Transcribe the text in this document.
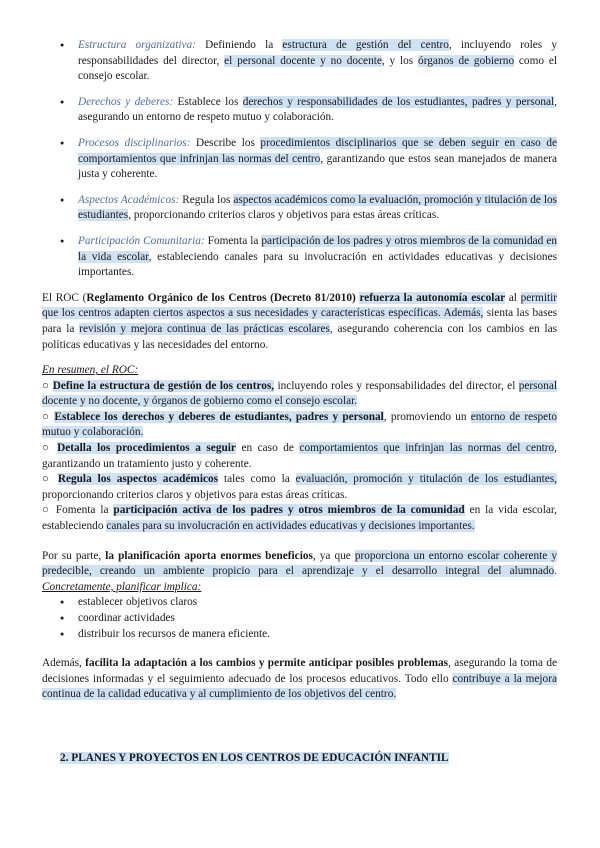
● Estructura organizativa: Definiendo la estructura de gestión del centro, incluyendo roles y responsabilidades del director, el personal docente y no docente, y los órganos de gobierno como el consejo escolar.
● Derechos y deberes: Establece los derechos y responsabilidades de los estudiantes, padres y personal, asegurando un entorno de respeto mutuo y colaboración.
● Procesos disciplinarios: Describe los procedimientos disciplinarios que se deben seguir en caso de comportamientos que infrinjan las normas del centro, garantizando que estos sean manejados de manera justa y coherente.
● Aspectos Académicos: Regula los aspectos académicos como la evaluación, promoción y titulación de los estudiantes, proporcionando criterios claros y objetivos para estas áreas críticas.
● Participación Comunitaria: Fomenta la participación de los padres y otros miembros de la comunidad en la vida escolar, estableciendo canales para su involucración en actividades educativas y decisiones importantes.

El ROC (Reglamento Orgánico de los Centros (Decreto 81/2010) refuerza la autonomía escolar al permitir que los centros adapten ciertos aspectos a sus necesidades y características específicas. Además, sienta las bases para la revisión y mejora continua de las prácticas escolares, asegurando coherencia con los cambios en las políticas educativas y las necesidades del entorno.

En resumen, el ROC:
○ Define la estructura de gestión de los centros, incluyendo roles y responsabilidades del director, el personal docente y no docente, y órganos de gobierno como el consejo escolar.
○ Establece los derechos y deberes de estudiantes, padres y personal, promoviendo un entorno de respeto mutuo y colaboración.
○ Detalla los procedimientos a seguir en caso de comportamientos que infrinjan las normas del centro, garantizando un tratamiento justo y coherente.
○ Regula los aspectos académicos tales como la evaluación, promoción y titulación de los estudiantes, proporcionando criterios claros y objetivos para estas áreas críticas.
○ Fomenta la participación activa de los padres y otros miembros de la comunidad en la vida escolar, estableciendo canales para su involucración en actividades educativas y decisiones importantes.

Por su parte, la planificación aporta enormes beneficios, ya que proporciona un entorno escolar coherente y predecible, creando un ambiente propicio para el aprendizaje y el desarrollo integral del alumnado. Concretamente, planificar implica:

● establecer objetivos claros
● coordinar actividades
● distribuir los recursos de manera eficiente.

Además, facilita la adaptación a los cambios y permite anticipar posibles problemas, asegurando la toma de decisiones informadas y el seguimiento adecuado de los procesos educativos. Todo ello contribuye a la mejora continua de la calidad educativa y al cumplimiento de los objetivos del centro.

2. PLANES Y PROYECTOS EN LOS CENTROS DE EDUCACIÓN INFANTIL
